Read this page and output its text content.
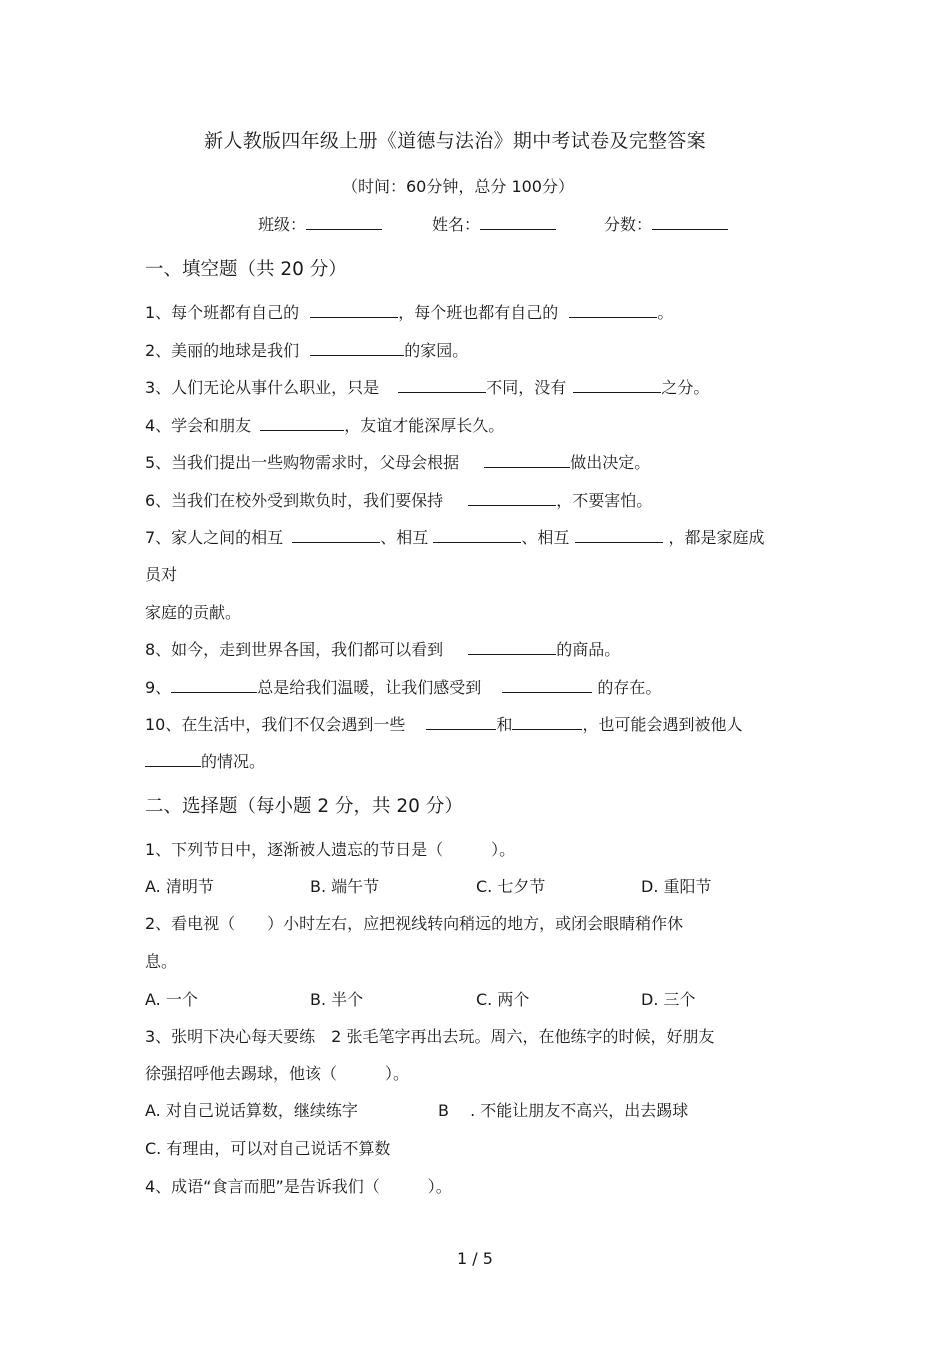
新人教版四年级上册《道德与法治》期中考试卷及完整答案
（时间：60分钟，总分 100分）
班级：	姓名：	分数：
一、填空题（共 20 分）
1、每个班都有自己的	，每个班也都有自己的	。
2、美丽的地球是我们	的家园。
3、人们无论从事什么职业，只是	不同，没有	之分。
4、学会和朋友	，友谊才能深厚长久。
5、当我们提出一些购物需求时，父母会根据	做出决定。
6、当我们在校外受到欺负时，我们要保持	，不要害怕。
7、家人之间的相互	、相互	、相互	，都是家庭成
员对
家庭的贡献。
8、如今，走到世界各国，我们都可以看到	的商品。
9、	总是给我们温暖，让我们感受到	的存在。
10、在生活中，我们不仅会遇到一些	和	，也可能会遇到被他人
的情况。
二、选择题（每小题 2 分，共 20 分）
1、下列节日中，逐渐被人遗忘的节日是（　　　）。
A. 清明节	B. 端午节	C. 七夕节	D. 重阳节
2、看电视（　　）小时左右，应把视线转向稍远的地方，或闭会眼睛稍作休
息。
A. 一个	B. 半个	C. 两个	D. 三个
3、张明下决心每天要练　2 张毛笔字再出去玩。周六，在他练字的时候，好朋友
徐强招呼他去踢球，他该（　　　）。
A. 对自己说话算数，继续练字	B　 . 不能让朋友不高兴，出去踢球
C. 有理由，可以对自己说话不算数
4、成语“食言而肥”是告诉我们（　　　）。
1 / 5
